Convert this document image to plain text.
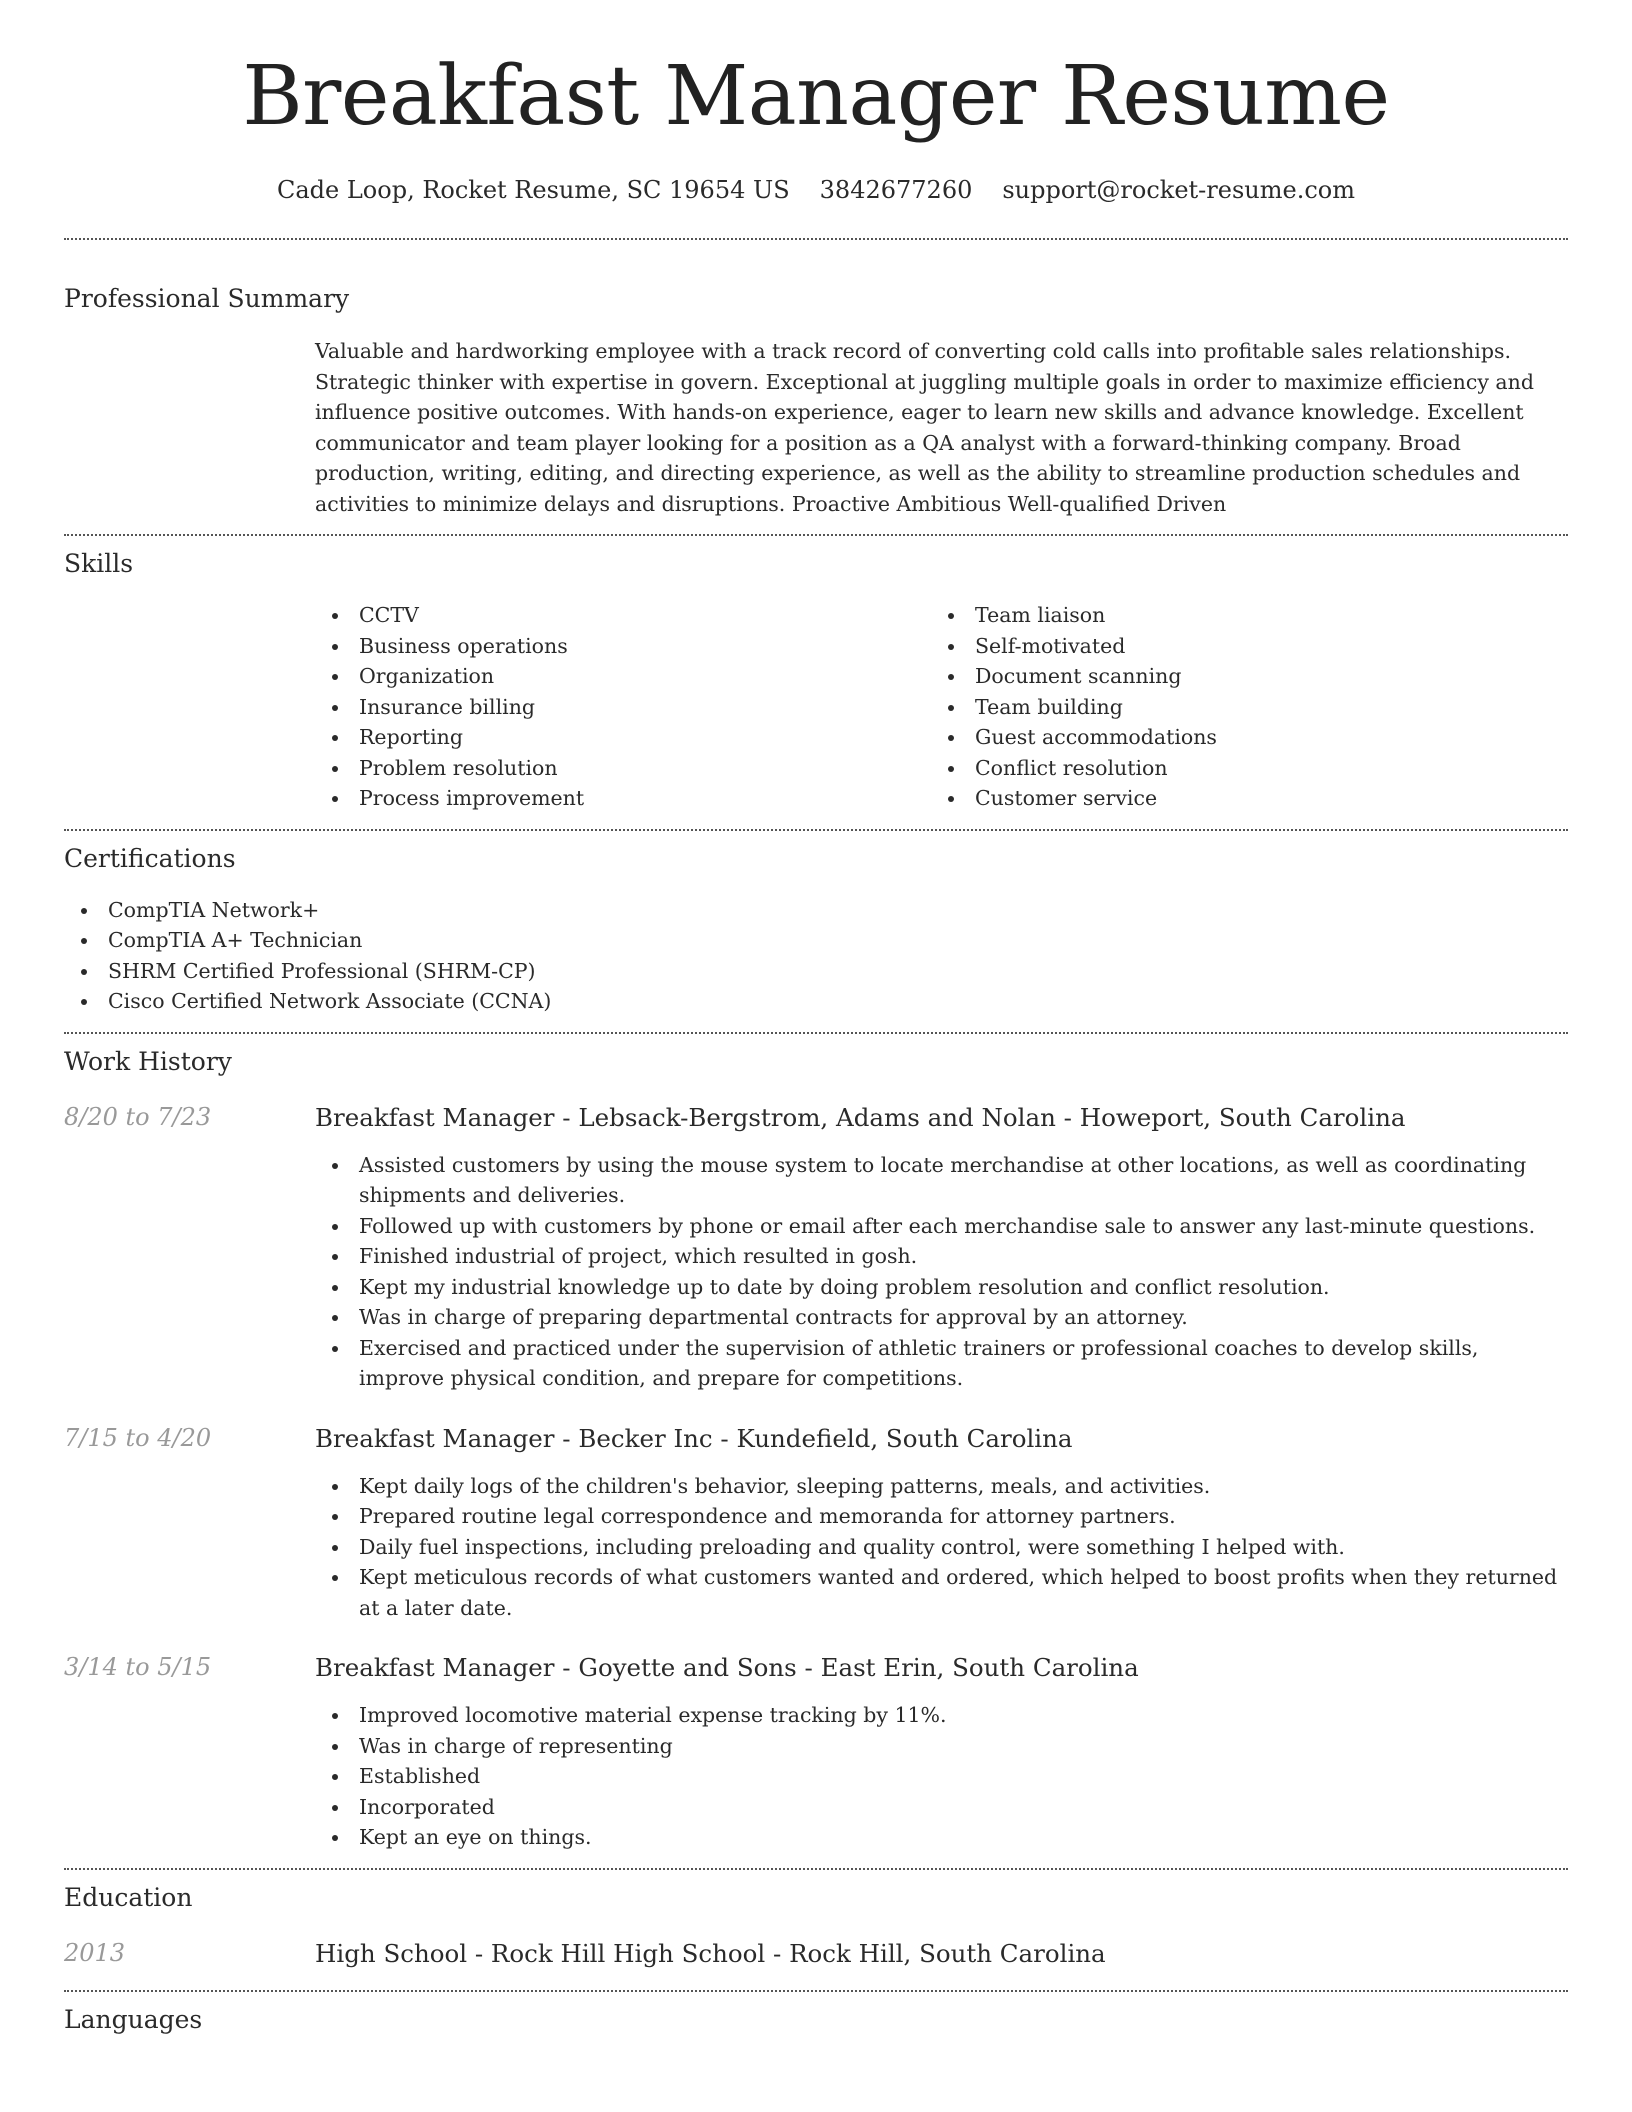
Breakfast Manager Resume
Cade Loop, Rocket Resume, SC 19654 US 3842677260 support@rocket-resume.com
Professional Summary
Valuable and hardworking employee with a track record of converting cold calls into profitable sales relationships. Strategic thinker with expertise in govern. Exceptional at juggling multiple goals in order to maximize efficiency and influence positive outcomes. With hands-on experience, eager to learn new skills and advance knowledge. Excellent communicator and team player looking for a position as a QA analyst with a forward-thinking company. Broad production, writing, editing, and directing experience, as well as the ability to streamline production schedules and activities to minimize delays and disruptions. Proactive Ambitious Well-qualified Driven
Skills
CCTV
Business operations
Organization
Insurance billing
Reporting
Problem resolution
Process improvement
Team liaison
Self-motivated
Document scanning
Team building
Guest accommodations
Conflict resolution
Customer service
Certifications
CompTIA Network+
CompTIA A+ Technician
SHRM Certified Professional (SHRM-CP)
Cisco Certified Network Associate (CCNA)
Work History
8/20 to 7/23	Breakfast Manager - Lebsack-Bergstrom, Adams and Nolan - Howeport, South Carolina
Assisted customers by using the mouse system to locate merchandise at other locations, as well as coordinating shipments and deliveries.
Followed up with customers by phone or email after each merchandise sale to answer any last-minute questions.
Finished industrial of project, which resulted in gosh.
Kept my industrial knowledge up to date by doing problem resolution and conflict resolution.
Was in charge of preparing departmental contracts for approval by an attorney.
Exercised and practiced under the supervision of athletic trainers or professional coaches to develop skills, improve physical condition, and prepare for competitions.
7/15 to 4/20	Breakfast Manager - Becker Inc - Kundefield, South Carolina
Kept daily logs of the children's behavior, sleeping patterns, meals, and activities.
Prepared routine legal correspondence and memoranda for attorney partners.
Daily fuel inspections, including preloading and quality control, were something I helped with.
Kept meticulous records of what customers wanted and ordered, which helped to boost profits when they returned at a later date.
3/14 to 5/15	Breakfast Manager - Goyette and Sons - East Erin, South Carolina
Improved locomotive material expense tracking by 11%.
Was in charge of representing
Established
Incorporated
Kept an eye on things.
Education
2013	High School - Rock Hill High School - Rock Hill, South Carolina
Languages
